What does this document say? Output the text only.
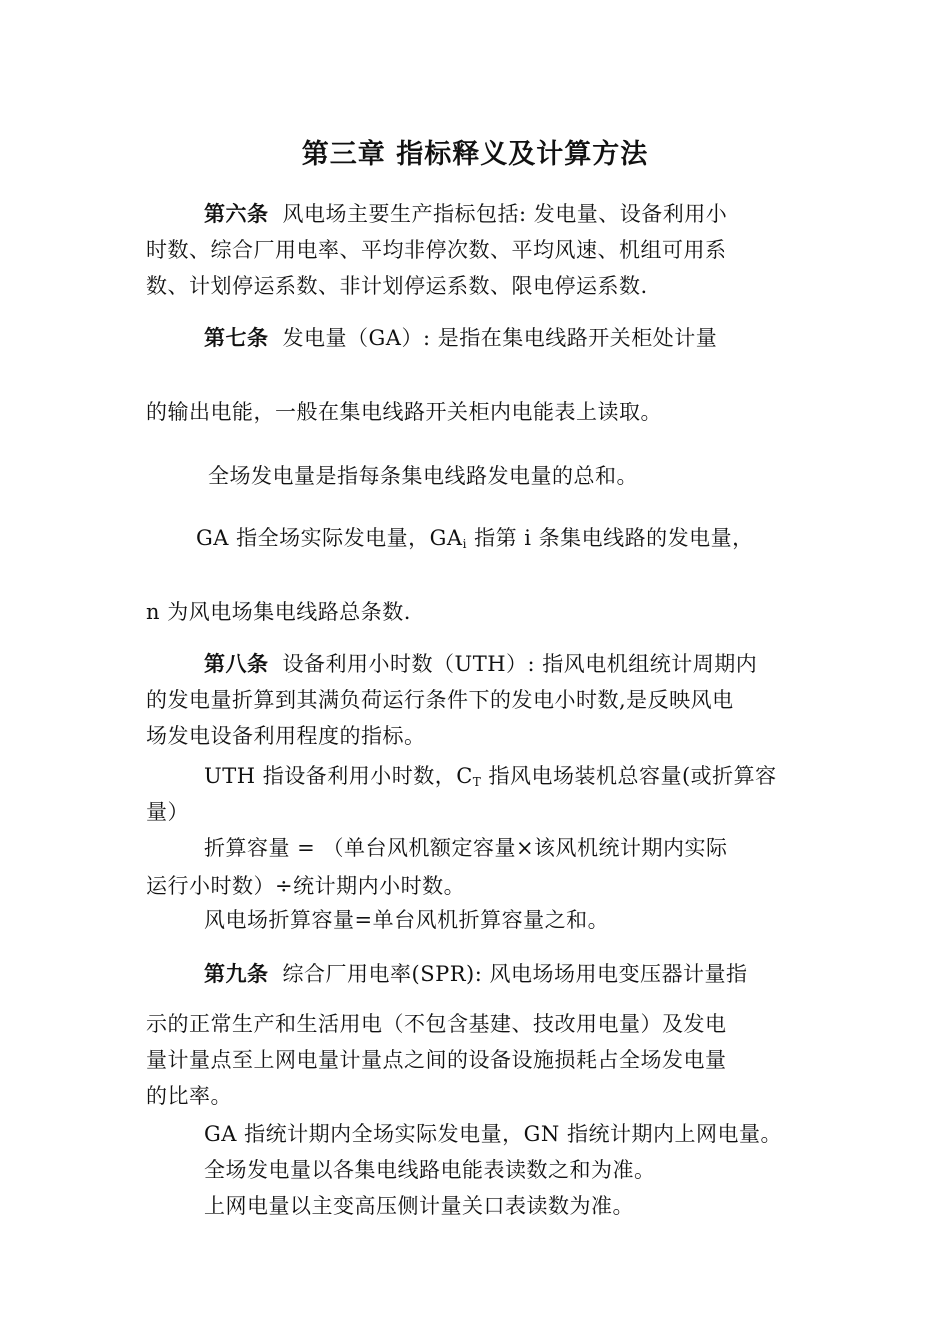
第三章 指标释义及计算方法
第六条 风电场主要生产指标包括: 发电量、设备利用小
时数、综合厂用电率、平均非停次数、平均风速、机组可用系
数、计划停运系数、非计划停运系数、限电停运系数.
第七条 发电量（GA）: 是指在集电线路开关柜处计量
的输出电能，一般在集电线路开关柜内电能表上读取。
全场发电量是指每条集电线路发电量的总和。
GA 指全场实际发电量，$GA_i$ 指第 i 条集电线路的发电量，
n 为风电场集电线路总条数.
第八条 设备利用小时数（UTH）: 指风电机组统计周期内
的发电量折算到其满负荷运行条件下的发电小时数,是反映风电
场发电设备利用程度的指标。
UTH 指设备利用小时数，$C_T$ 指风电场装机总容量(或折算容
量）
折算容量 = （单台风机额定容量×该风机统计期内实际
运行小时数）÷统计期内小时数。
风电场折算容量=单台风机折算容量之和。
第九条 综合厂用电率(SPR): 风电场场用电变压器计量指
示的正常生产和生活用电（不包含基建、技改用电量）及发电
量计量点至上网电量计量点之间的设备设施损耗占全场发电量
的比率。
GA 指统计期内全场实际发电量，GN 指统计期内上网电量。
全场发电量以各集电线路电能表读数之和为准。
上网电量以主变高压侧计量关口表读数为准。
